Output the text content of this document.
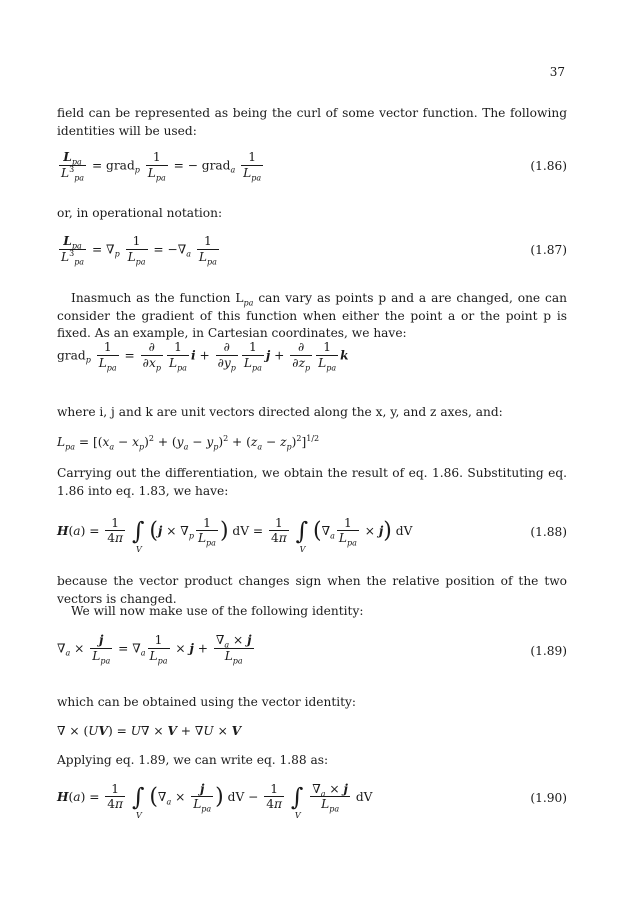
37
field can be represented as being the curl of some vector function. The following identities will be used:
$\frac{L_{pa}}{L^3_{pa}}$ = grad$_p$ $\frac{1}{L_{pa}}$ = − grad$_a$ $\frac{1}{L_{pa}}$	(1.86)
or, in operational notation:
$\frac{L_{pa}}{L^3_{pa}} = \nabla_p \frac{1}{L_{pa}} = -\nabla_a \frac{1}{L_{pa}}$	(1.87)
Inasmuch as the function $L_{pa}$ can vary as points p and a are changed, one can consider the gradient of this function when either the point a or the point p is fixed. As an example, in Cartesian coordinates, we have:
grad$_p$ $\frac{1}{L_{pa}} = \frac{\partial}{\partial x_p} \frac{1}{L_{pa}}$ $i + \frac{\partial}{\partial y_p} \frac{1}{L_{pa}}$ $j + \frac{\partial}{\partial z_p} \frac{1}{L_{pa}}$ k
where i, j and k are unit vectors directed along the x, y, and z axes, and:
$L_{pa} = [(x_a - x_p)^2 + (y_a - y_p)^2 + (z_a - z_p)^2]^{1/2}$
Carrying out the differentiation, we obtain the result of eq. 1.86. Substituting eq. 1.86 into eq. 1.83, we have:
$H(a) = \frac{1}{4\pi}$ ∫
V
($j \times \nabla_p \frac{1}{L_{pa}}$ ) dV = $\frac{1}{4\pi}$ ∫
V
$(\nabla_a \frac{1}{L_{pa}} \times j)$ dV	(1.88)
because the vector product changes sign when the relative position of the two vectors is changed.
We will now make use of the following identity:
$\nabla_a \times \frac{j}{L_{pa}} = \nabla_a \frac{1}{L_{pa}} \times j + \frac{\nabla_a \times j}{L_{pa}}$	(1.89)
which can be obtained using the vector identity:
∇ × (UV) = U∇ × V + ∇U × V
Applying eq. 1.89, we can write eq. 1.88 as:
$H(a) = \frac{1}{4\pi}$ ∫
V
($\nabla_a \times \frac{j}{L_{pa}}$ ) dV − $\frac{1}{4\pi}$ ∫
V

$\frac{\nabla_a \times j}{L_{pa}}$ dV	(1.90)
